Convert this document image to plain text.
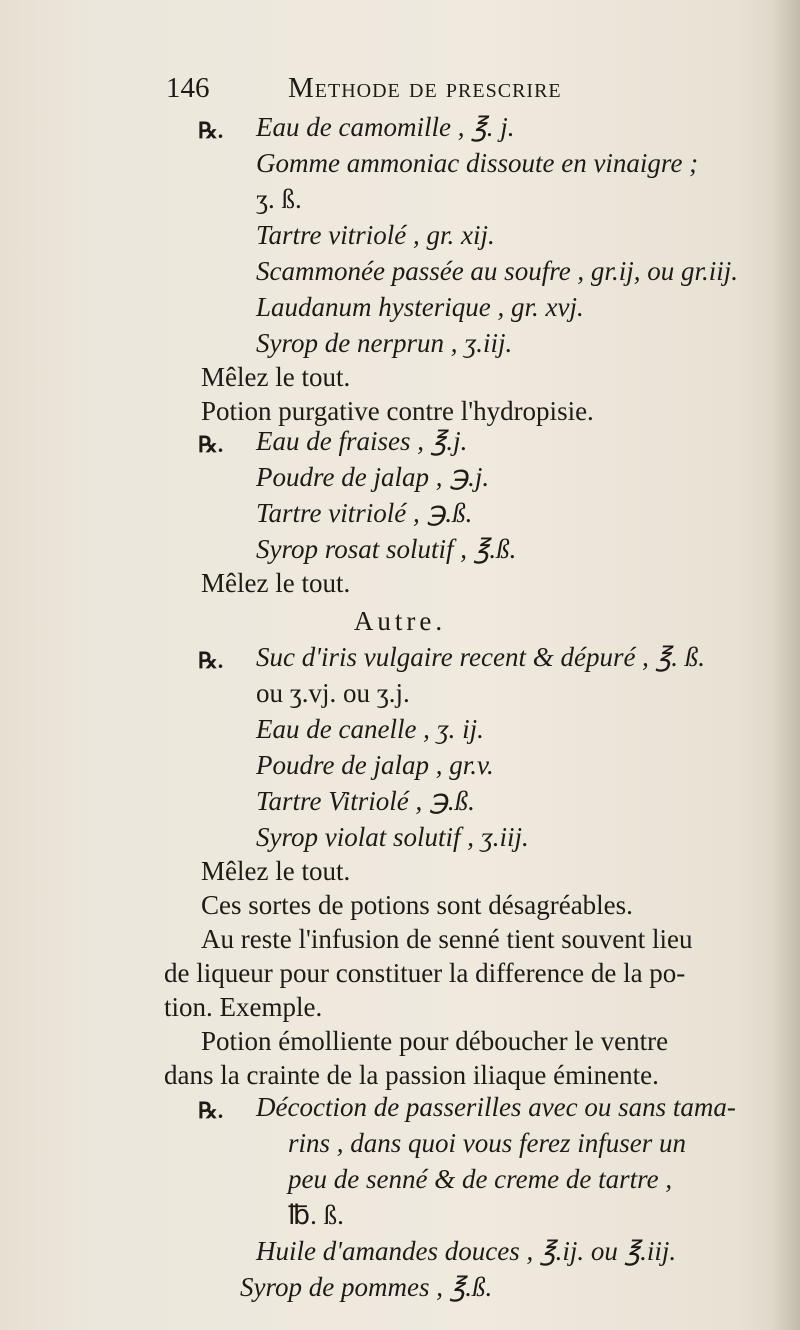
146	Methode de prescrire
℞. Eau de camomille , ℥. j.
Gomme ammoniac dissoute en vinaigre ;
ʒ. ß.
Tartre vitriolé , gr. xij.
Scammonée passée au soufre , gr.ij, ou gr.iij.
Laudanum hysterique , gr. xvj.
Syrop de nerprun , ʒ.iij.
Mêlez le tout.
Potion purgative contre l'hydropisie.
℞. Eau de fraises , ℥.j.
Poudre de jalap , ℈.j.
Tartre vitriolé , ℈.ß.
Syrop rosat solutif , ℥.ß.
Mêlez le tout.
Autre.
℞. Suc d'iris vulgaire recent & dépuré , ℥. ß.
ou ʒ.vj. ou ʒ.j.
Eau de canelle , ʒ. ij.
Poudre de jalap , gr.v.
Tartre Vitriolé , ℈.ß.
Syrop violat solutif , ʒ.iij.
Mêlez le tout.
Ces sortes de potions sont désagréables.
Au reste l'infusion de senné tient souvent lieu
de liqueur pour constituer la difference de la po-
tion. Exemple.
Potion émolliente pour déboucher le ventre
dans la crainte de la passion iliaque éminente.
℞. Décoction de passerilles avec ou sans tama-
rins , dans quoi vous ferez infuser un
peu de senné & de creme de tartre ,
℔. ß.
Huile d'amandes douces , ℥.ij. ou ℥.iij.
Syrop de pommes , ℥.ß.
